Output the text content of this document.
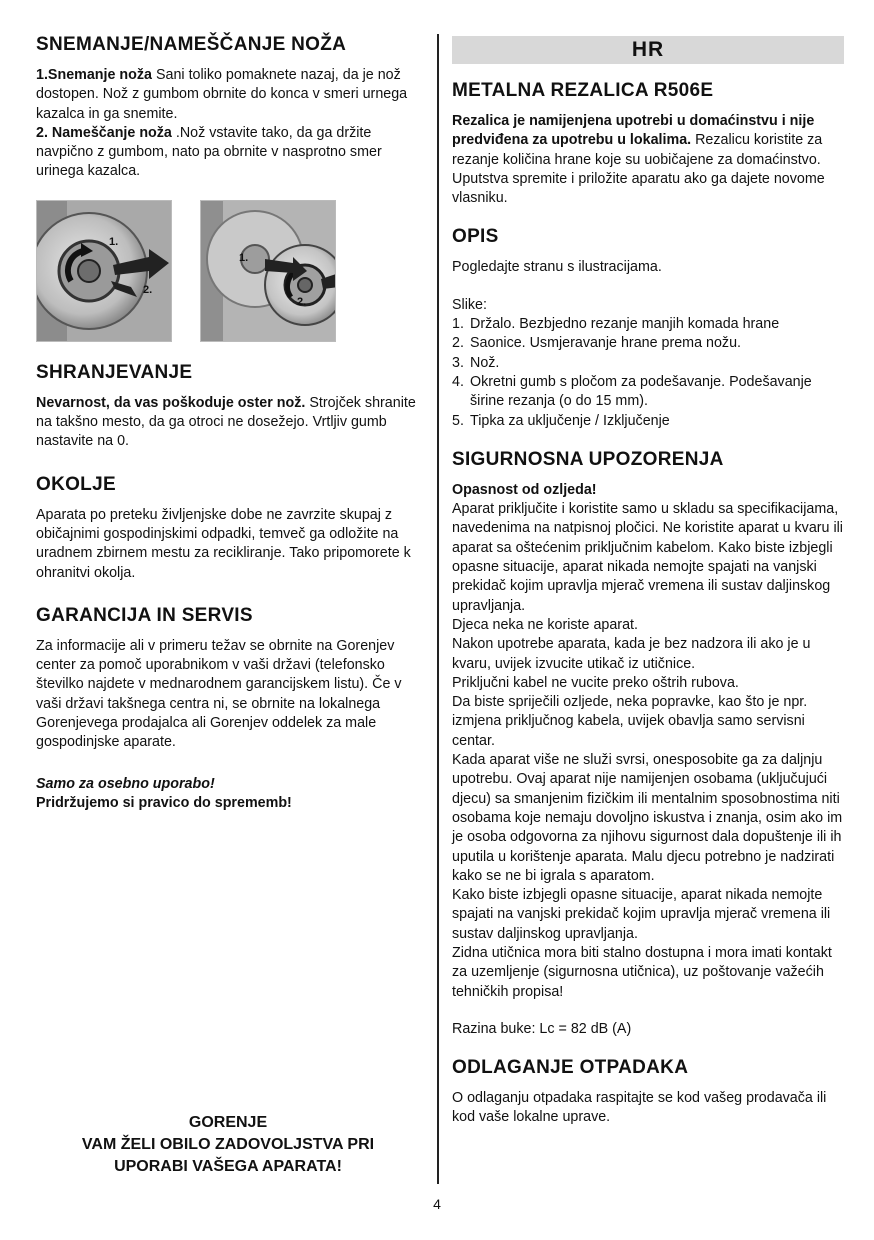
SNEMANJE/NAMEŠČANJE NOŽA

1.Snemanje noža Sani toliko pomaknete nazaj, da je nož dostopen. Nož z gumbom obrnite do konca v smeri urnega kazalca in ga snemite.

2. Nameščanje noža .Nož vstavite tako, da ga držite navpično z gumbom, nato pa obrnite v nasprotno smer urinega kazalca.

1.
2.
1.
2.
SHRANJEVANJE

Nevarnost, da vas poškoduje oster nož. Strojček shranite na takšno mesto, da ga otroci ne dosežejo. Vrtljiv gumb nastavite na 0.

OKOLJE

Aparata po preteku življenjske dobe ne zavrzite skupaj z običajnimi gospodinjskimi odpadki, temveč ga odložite na uradnem zbirnem mestu za recikliranje. Tako pripomorete k ohranitvi okolja.

GARANCIJA IN SERVIS

Za informacije ali v primeru težav se obrnite na Gorenjev center za pomoč uporabnikom v vaši državi (telefonsko številko najdete v mednarodnem garancijskem listu). Če v vaši državi takšnega centra ni, se obrnite na lokalnega Gorenjevega prodajalca ali Gorenjev oddelek za male gospodinjske aparate.

Samo za osebno uporabo!

Pridržujemo si pravico do sprememb!

GORENJE
VAM ŽELI OBILO ZADOVOLJSTVA PRI
UPORABI VAŠEGA APARATA!
HR
METALNA REZALICA R506E

Rezalica je namijenjena upotrebi u domaćinstvu i nije predviđena za upotrebu u lokalima. Rezalicu koristite za rezanje količina hrane koje su uobičajene za domaćinstvo. Uputstva spremite i priložite aparatu ako ga dajete novome vlasniku.

OPIS

Pogledajte stranu s ilustracijama.

Slike:

1. Držalo. Bezbjedno rezanje manjih komada hrane
2. Saonice. Usmjeravanje hrane prema nožu.
3. Nož.
4. Okretni gumb s pločom za podešavanje. Podešavanje širine rezanja (o do 15 mm).
5. Tipka za uključenje / Izključenje
SIGURNOSNA UPOZORENJA

Opasnost od ozljeda!

Aparat priključite i koristite samo u skladu sa specifikacijama, navedenima na natpisnoj pločici. Ne koristite aparat u kvaru ili aparat sa oštećenim priključnim kabelom. Kako biste izbjegli opasne situacije, aparat nikada nemojte spajati na vanjski prekidač kojim upravlja mjerač vremena ili sustav daljinskog upravljanja.

Djeca neka ne koriste aparat.

Nakon upotrebe aparata, kada je bez nadzora ili ako je u kvaru, uvijek izvucite utikač iz utičnice.

Priključni kabel ne vucite preko oštrih rubova.

Da biste spriječili ozljede, neka popravke, kao što je npr. izmjena priključnog kabela, uvijek obavlja samo servisni centar.

Kada aparat više ne služi svrsi, onesposobite ga za daljnju upotrebu. Ovaj aparat nije namijenjen osobama (uključujući djecu) sa smanjenim fizičkim ili mentalnim sposobnostima niti osobama koje nemaju dovoljno iskustva i znanja, osim ako im je osoba odgovorna za njihovu sigurnost dala dopuštenje ili ih uputila u korištenje aparata. Malu djecu potrebno je nadzirati kako se ne bi igrala s aparatom.

Kako biste izbjegli opasne situacije, aparat nikada nemojte spajati na vanjski prekidač kojim upravlja mjerač vremena ili sustav daljinskog upravljanja.

Zidna utičnica mora biti stalno dostupna i mora imati kontakt za uzemljenje (sigurnosna utičnica), uz poštovanje važećih tehničkih propisa!

Razina buke: Lc = 82 dB (A)

ODLAGANJE OTPADAKA

O odlaganju otpadaka raspitajte se kod vašeg prodavača ili kod vaše lokalne uprave.

4
